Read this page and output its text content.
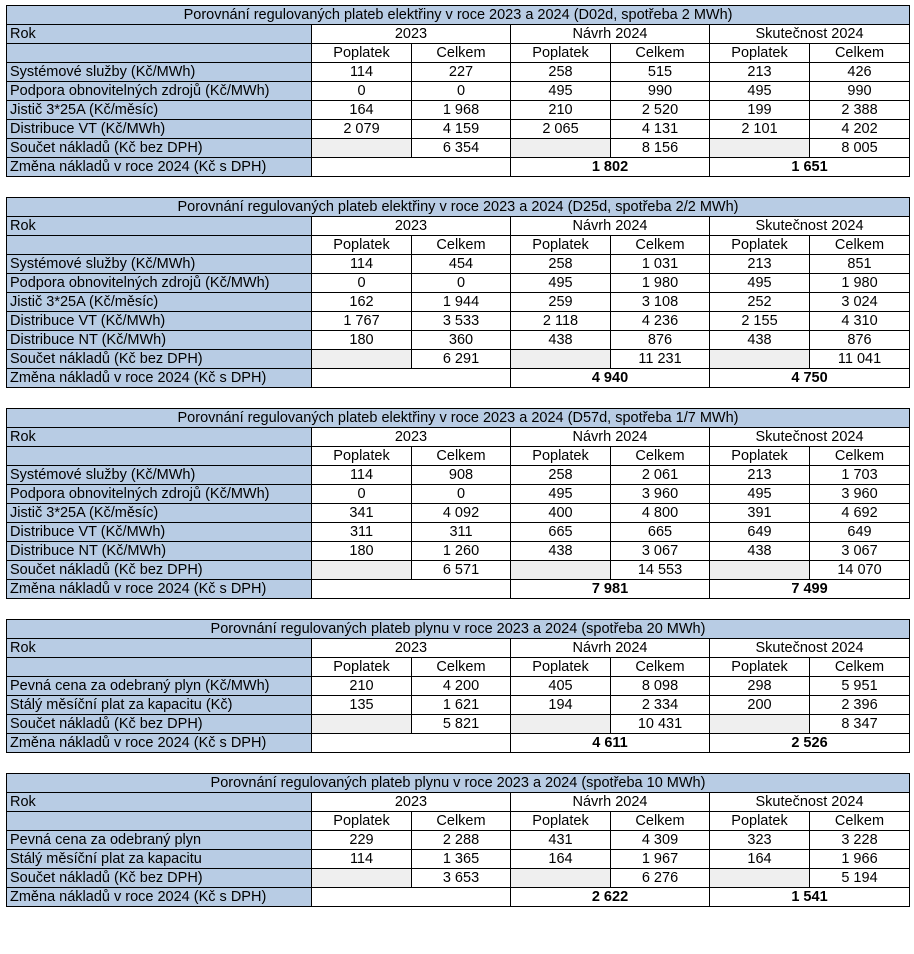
Porovnání regulovaných plateb elektřiny v roce 2023 a 2024 (D02d, spotřeba 2 MWh)						
Rok	2023		Návrh 2024		Skutečnost 2024	
	Poplatek	Celkem	Poplatek	Celkem	Poplatek	Celkem
Systémové služby (Kč/MWh)	114	227	258	515	213	426
Podpora obnovitelných zdrojů (Kč/MWh)	0	0	495	990	495	990
Jistič 3*25A (Kč/měsíc)	164	1 968	210	2 520	199	2 388
Distribuce VT (Kč/MWh)	2 079	4 159	2 065	4 131	2 101	4 202
Součet nákladů (Kč bez DPH)		6 354		8 156		8 005
Změna nákladů v roce 2024 (Kč s DPH)			1 802		1 651	
Porovnání regulovaných plateb elektřiny v roce 2023 a 2024 (D25d, spotřeba 2/2 MWh)						
Rok	2023		Návrh 2024		Skutečnost 2024	
	Poplatek	Celkem	Poplatek	Celkem	Poplatek	Celkem
Systémové služby (Kč/MWh)	114	454	258	1 031	213	851
Podpora obnovitelných zdrojů (Kč/MWh)	0	0	495	1 980	495	1 980
Jistič 3*25A (Kč/měsíc)	162	1 944	259	3 108	252	3 024
Distribuce VT (Kč/MWh)	1 767	3 533	2 118	4 236	2 155	4 310
Distribuce NT (Kč/MWh)	180	360	438	876	438	876
Součet nákladů (Kč bez DPH)		6 291		11 231		11 041
Změna nákladů v roce 2024 (Kč s DPH)			4 940		4 750	
Porovnání regulovaných plateb elektřiny v roce 2023 a 2024 (D57d, spotřeba 1/7 MWh)						
Rok	2023		Návrh 2024		Skutečnost 2024	
	Poplatek	Celkem	Poplatek	Celkem	Poplatek	Celkem
Systémové služby (Kč/MWh)	114	908	258	2 061	213	1 703
Podpora obnovitelných zdrojů (Kč/MWh)	0	0	495	3 960	495	3 960
Jistič 3*25A (Kč/měsíc)	341	4 092	400	4 800	391	4 692
Distribuce VT (Kč/MWh)	311	311	665	665	649	649
Distribuce NT (Kč/MWh)	180	1 260	438	3 067	438	3 067
Součet nákladů (Kč bez DPH)		6 571		14 553		14 070
Změna nákladů v roce 2024 (Kč s DPH)			7 981		7 499	
Porovnání regulovaných plateb plynu v roce 2023 a 2024 (spotřeba 20 MWh)						
Rok	2023		Návrh 2024		Skutečnost 2024	
	Poplatek	Celkem	Poplatek	Celkem	Poplatek	Celkem
Pevná cena za odebraný plyn (Kč/MWh)	210	4 200	405	8 098	298	5 951
Stálý měsíční plat za kapacitu (Kč)	135	1 621	194	2 334	200	2 396
Součet nákladů (Kč bez DPH)		5 821		10 431		8 347
Změna nákladů v roce 2024 (Kč s DPH)			4 611		2 526	
Porovnání regulovaných plateb plynu v roce 2023 a 2024 (spotřeba 10 MWh)						
Rok	2023		Návrh 2024		Skutečnost 2024	
	Poplatek	Celkem	Poplatek	Celkem	Poplatek	Celkem
Pevná cena za odebraný plyn	229	2 288	431	4 309	323	3 228
Stálý měsíční plat za kapacitu	114	1 365	164	1 967	164	1 966
Součet nákladů (Kč bez DPH)		3 653		6 276		5 194
Změna nákladů v roce 2024 (Kč s DPH)			2 622		1 541	
